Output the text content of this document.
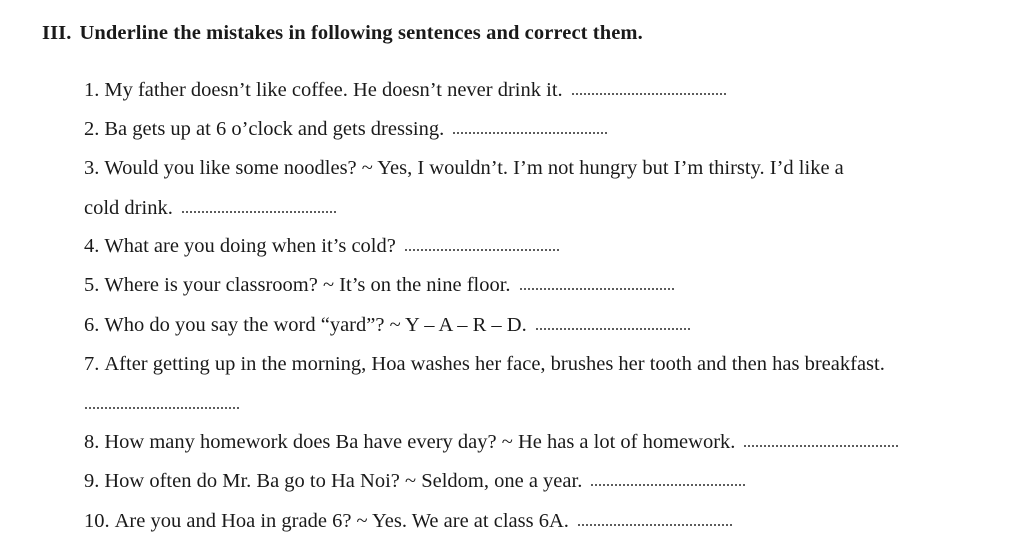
III. Underline the mistakes in following sentences and correct them.
1. My father doesn’t like coffee. He doesn’t never drink it.
2. Ba gets up at 6 o’clock and gets dressing.
3. Would you like some noodles? ~ Yes, I wouldn’t. I’m not hungry but I’m thirsty. I’d like a
cold drink.
4. What are you doing when it’s cold?
5. Where is your classroom? ~ It’s on the nine floor.
6. Who do you say the word “yard”? ~ Y – A – R – D.
7. After getting up in the morning, Hoa washes her face, brushes her tooth and then has breakfast.
8. How many homework does Ba have every day? ~ He has a lot of homework.
9. How often do Mr. Ba go to Ha Noi? ~ Seldom, one a year.
10. Are you and Hoa in grade 6? ~ Yes. We are at class 6A.
